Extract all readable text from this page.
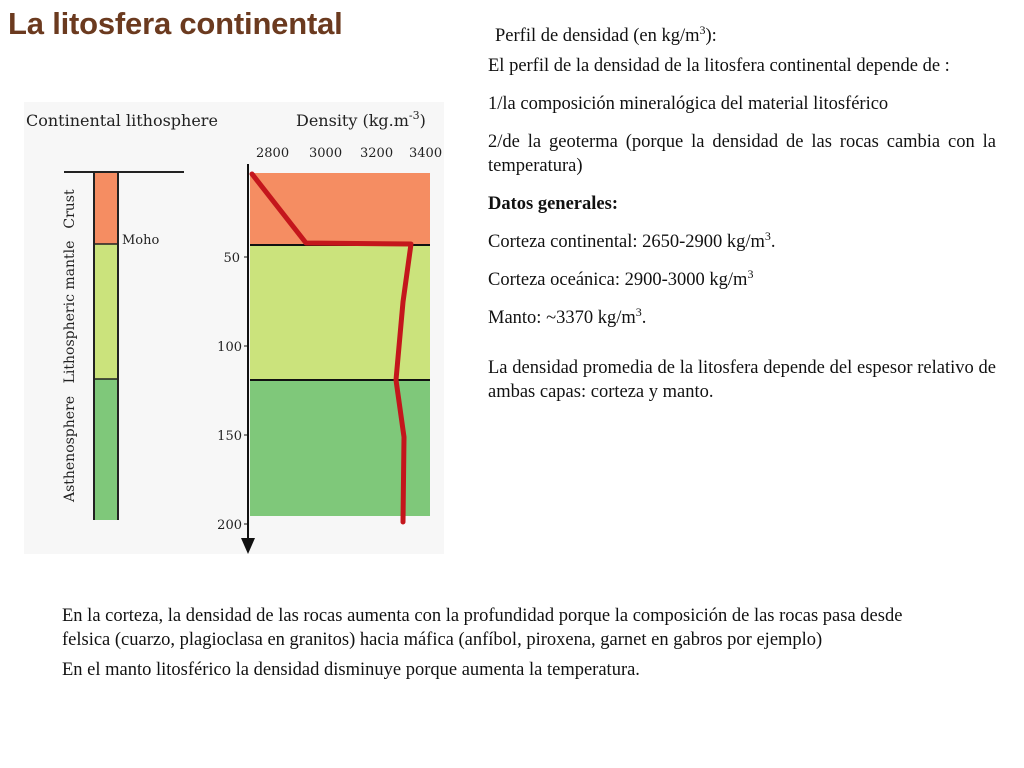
La litosfera continental
Continental lithosphere	Density $(kg.m^{-3})$
2800 3000 3200 3400
50
100
150
200
Moho
Crust
Lithospheric mantle
Asthenosphere

Perfil de densidad (en $kg/m^3$):

El perfil de la densidad de la litosfera continental depende de :

1/la composición mineralógica del material litosférico

2/de la geoterma (porque la densidad de las rocas cambia con la temperatura)

Datos generales:

Corteza continental: 2650-2900 $kg/m^3$.

Corteza oceánica: 2900-3000 $kg/m^3$

Manto: ~3370 $kg/m^3$.

La densidad promedia de la litosfera depende del espesor relativo de ambas capas: corteza y manto.

En la corteza, la densidad de las rocas aumenta con la profundidad porque la composición de las rocas pasa desde felsica (cuarzo, plagioclasa en granitos) hacia máfica (anfíbol, piroxena, garnet en gabros por ejemplo)

En el manto litosférico la densidad disminuye porque aumenta la temperatura.
